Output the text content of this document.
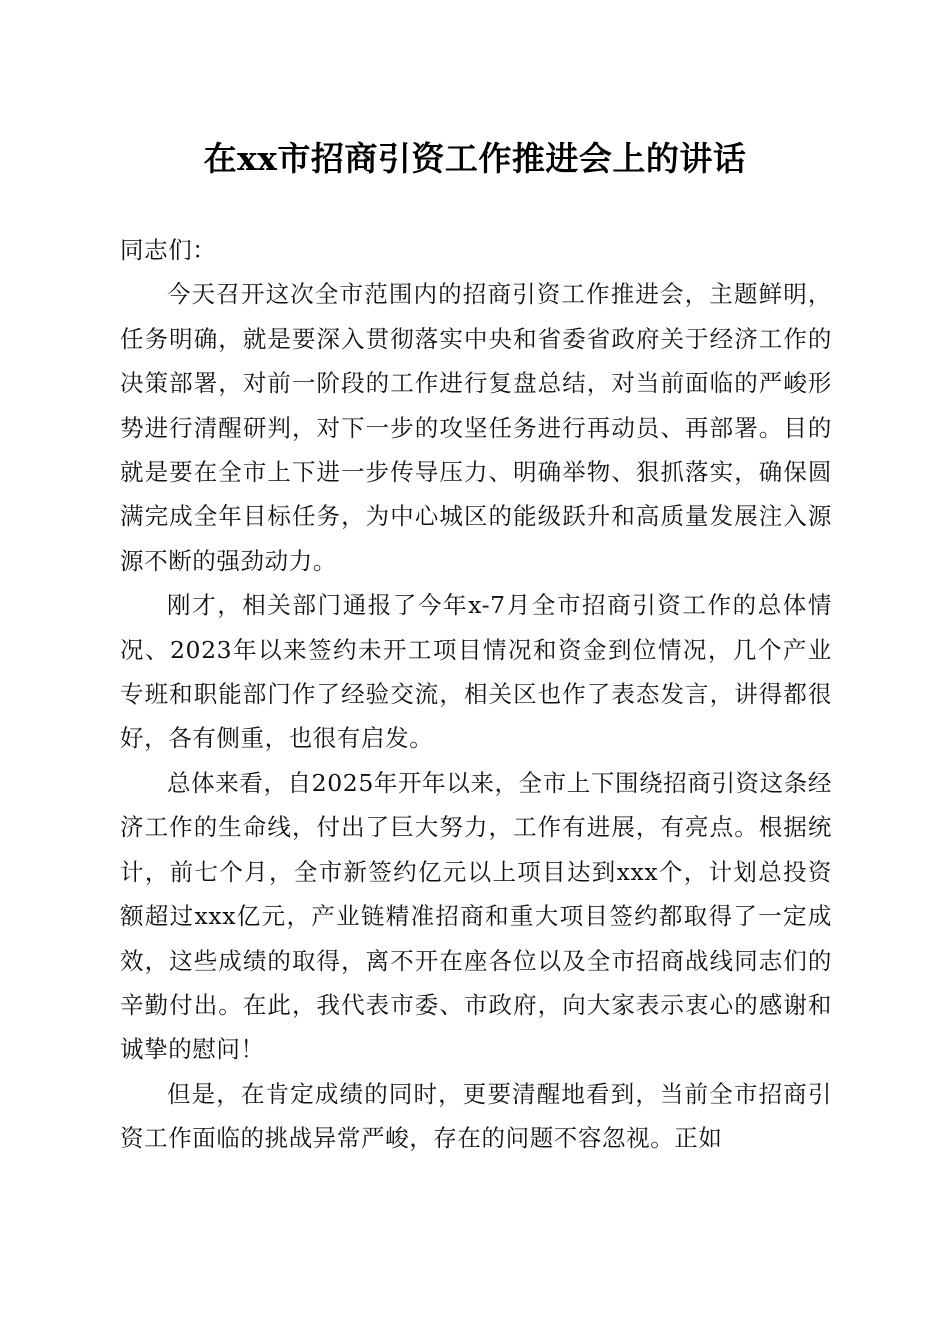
在xx市招商引资工作推进会上的讲话

同志们：

今天召开这次全市范围内的招商引资工作推进会，主题鲜明，任务明确，就是要深入贯彻落实中央和省委省政府关于经济工作的决策部署，对前一阶段的工作进行复盘总结，对当前面临的严峻形势进行清醒研判，对下一步的攻坚任务进行再动员、再部署。目的就是要在全市上下进一步传导压力、明确举物、狠抓落实，确保圆满完成全年目标任务，为中心城区的能级跃升和高质量发展注入源源不断的强劲动力。

刚才，相关部门通报了今年x-7月全市招商引资工作的总体情况、2023年以来签约未开工项目情况和资金到位情况，几个产业专班和职能部门作了经验交流，相关区也作了表态发言，讲得都很好，各有侧重，也很有启发。

总体来看，自2025年开年以来，全市上下围绕招商引资这条经济工作的生命线，付出了巨大努力，工作有进展，有亮点。根据统计，前七个月，全市新签约亿元以上项目达到xxx个，计划总投资额超过xxx亿元，产业链精准招商和重大项目签约都取得了一定成效，这些成绩的取得，离不开在座各位以及全市招商战线同志们的辛勤付出。在此，我代表市委、市政府，向大家表示衷心的感谢和诚挚的慰问！

但是，在肯定成绩的同时，更要清醒地看到，当前全市招商引资工作面临的挑战异常严峻，存在的问题不容忽视。正如
